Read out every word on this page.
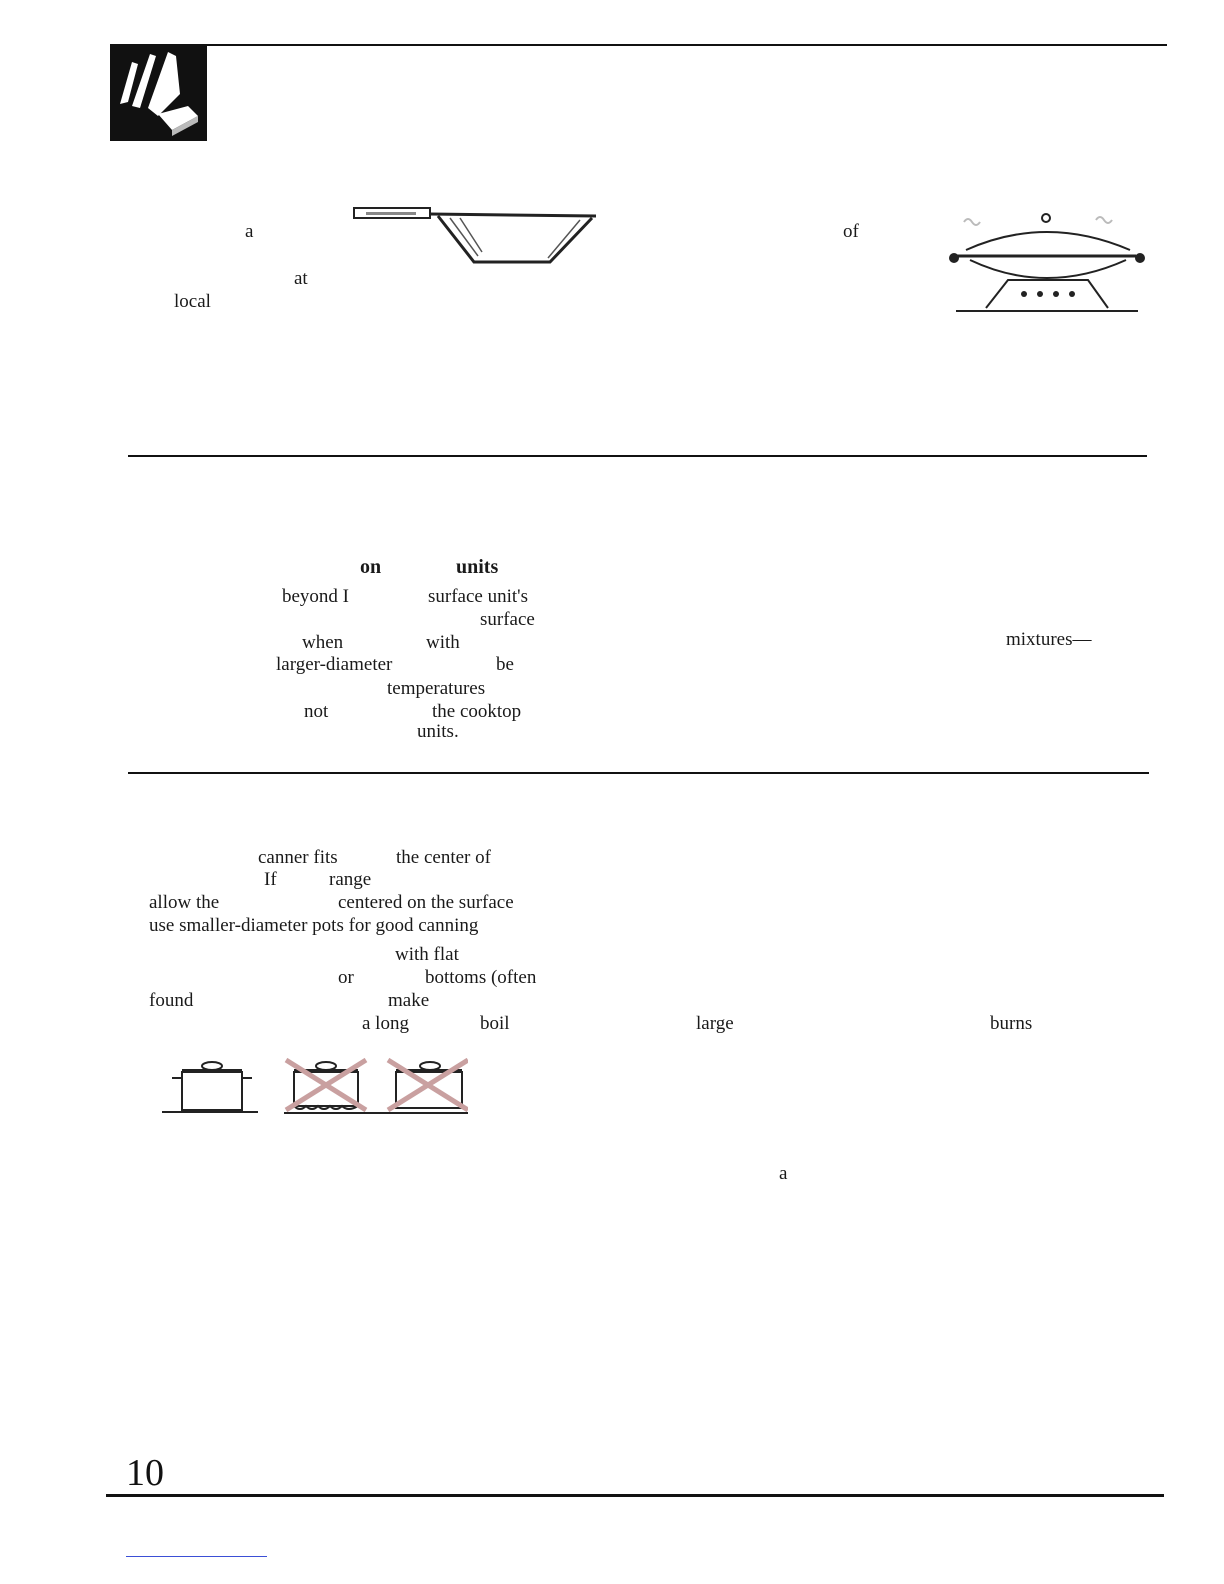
a
at
local
of
on	units
beyond I	surface unit's
surface
when	with	mixtures—
larger-diameter	be
temperatures
not	the cooktop
units.
canner fits	the center of
If	range
allow the	centered on the surface
use smaller-diameter pots for good canning
with flat
or	bottoms (often
found	make
a long	boil	large	burns
a
10
